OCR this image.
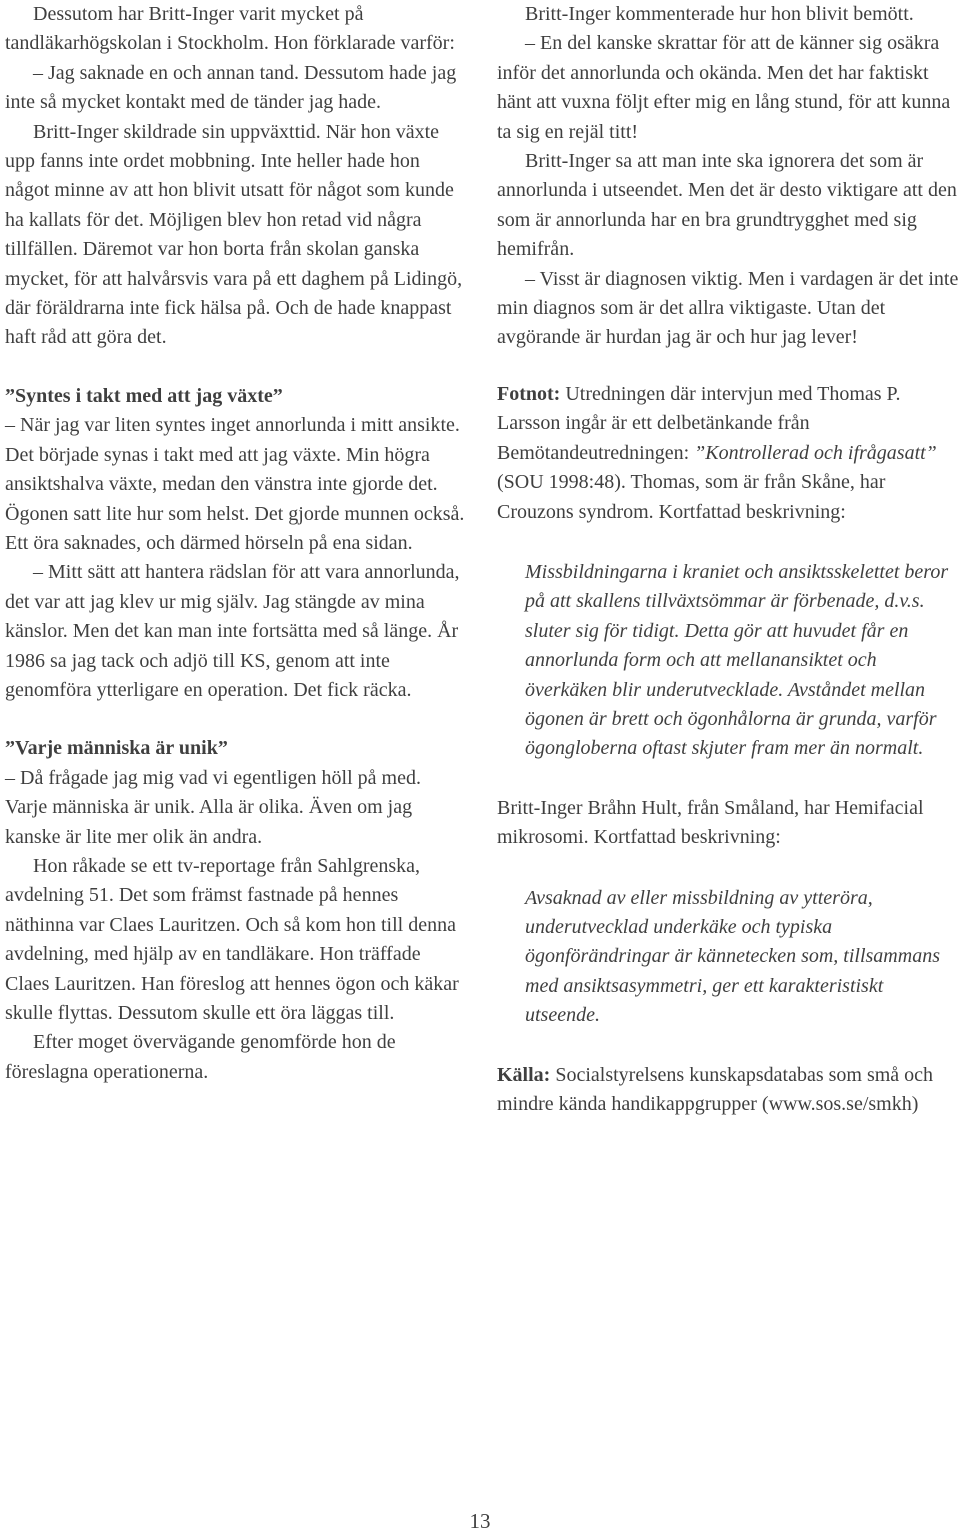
Dessutom har Britt-Inger varit mycket på tandläkarhögskolan i Stockholm. Hon förklarade varför:

– Jag saknade en och annan tand. Dessutom hade jag inte så mycket kontakt med de tänder jag hade.

Britt-Inger skildrade sin uppväxttid. När hon växte upp fanns inte ordet mobbning. Inte heller hade hon något minne av att hon blivit utsatt för något som kunde ha kallats för det. Möjligen blev hon retad vid några tillfällen. Däremot var hon borta från skolan ganska mycket, för att halvårsvis vara på ett daghem på Lidingö, där föräldrarna inte fick hälsa på. Och de hade knappast haft råd att göra det.

”Syntes i takt med att jag växte”

– När jag var liten syntes inget annorlunda i mitt ansikte. Det började synas i takt med att jag växte. Min högra ansiktshalva växte, medan den vänstra inte gjorde det. Ögonen satt lite hur som helst. Det gjorde munnen också. Ett öra saknades, och därmed hörseln på ena sidan.

– Mitt sätt att hantera rädslan för att vara annorlunda, det var att jag klev ur mig själv. Jag stängde av mina känslor. Men det kan man inte fortsätta med så länge. År 1986 sa jag tack och adjö till KS, genom att inte genomföra ytterligare en operation. Det fick räcka.

”Varje människa är unik”

– Då frågade jag mig vad vi egentligen höll på med. Varje människa är unik. Alla är olika. Även om jag kanske är lite mer olik än andra.

Hon råkade se ett tv-reportage från Sahlgrenska, avdelning 51. Det som främst fastnade på hennes näthinna var Claes Lauritzen. Och så kom hon till denna avdelning, med hjälp av en tandläkare. Hon träffade Claes Lauritzen. Han föreslog att hennes ögon och käkar skulle flyttas. Dessutom skulle ett öra läggas till.

Efter moget övervägande genomförde hon de föreslagna operationerna.

Britt-Inger kommenterade hur hon blivit bemött.

– En del kanske skrattar för att de känner sig osäkra inför det annorlunda och okända. Men det har faktiskt hänt att vuxna följt efter mig en lång stund, för att kunna ta sig en rejäl titt!

Britt-Inger sa att man inte ska ignorera det som är annorlunda i utseendet. Men det är desto viktigare att den som är annorlunda har en bra grundtrygghet med sig hemifrån.

– Visst är diagnosen viktig. Men i vardagen är det inte min diagnos som är det allra viktigaste. Utan det avgörande är hurdan jag är och hur jag lever!

Fotnot: Utredningen där intervjun med Thomas P. Larsson ingår är ett delbetänkande från Bemötandeutredningen: ”Kontrollerad och ifrågasatt” (SOU 1998:48). Thomas, som är från Skåne, har Crouzons syndrom. Kortfattad beskrivning:

Missbildningarna i kraniet och ansiktsskelettet beror på att skallens tillväxtsömmar är förbenade, d.v.s. sluter sig för tidigt. Detta gör att huvudet får en annorlunda form och att mellanansiktet och överkäken blir underutvecklade. Avståndet mellan ögonen är brett och ögonhålorna är grunda, varför ögongloberna oftast skjuter fram mer än normalt.

Britt-Inger Bråhn Hult, från Småland, har Hemifacial mikrosomi. Kortfattad beskrivning:

Avsaknad av eller missbildning av ytteröra, underutvecklad underkäke och typiska ögonförändringar är kännetecken som, tillsammans med ansiktsasymmetri, ger ett karakteristiskt utseende.

Källa: Socialstyrelsens kunskapsdatabas som små och mindre kända handikappgrupper (www.sos.se/smkh)

13
